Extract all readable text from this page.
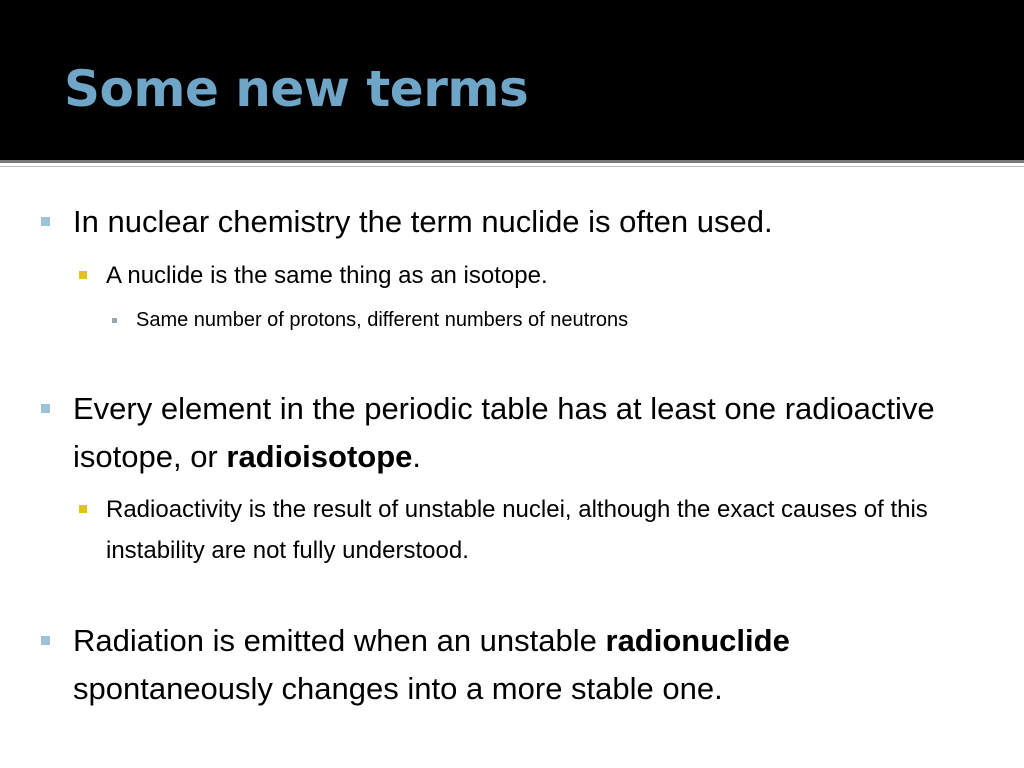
Some new terms
In nuclear chemistry the term nuclide is often used.
A nuclide is the same thing as an isotope.
Same number of protons, different numbers of neutrons
Every element in the periodic table has at least one radioactive isotope, or radioisotope.
Radioactivity is the result of unstable nuclei, although the exact causes of this instability are not fully understood.
Radiation is emitted when an unstable radionuclide spontaneously changes into a more stable one.
